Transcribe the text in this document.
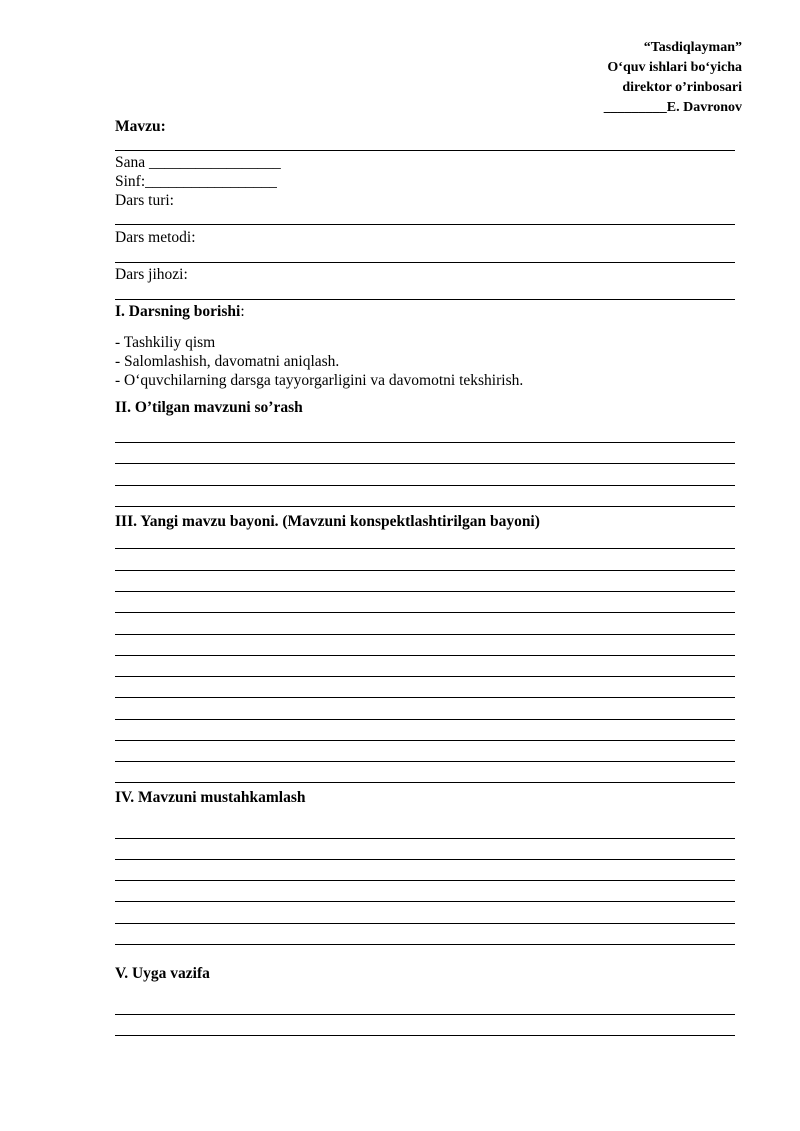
“Tasdiqlayman”
O‘quv ishlari bo‘yicha
direktor o’rinbosari
_________E. Davronov
Mavzu:
Sana _________________
Sinf:_________________
Dars turi:
Dars metodi:
Dars jihozi:
I. Darsning borishi:
- Tashkiliy qism
- Salomlashish, davomatni aniqlash.
- O‘quvchilarning darsga tayyorgarligini va davomotni tekshirish.
II. O’tilgan mavzuni so’rash
III. Yangi mavzu bayoni. (Mavzuni konspektlashtirilgan bayoni)
IV. Mavzuni mustahkamlash
V. Uyga vazifa
